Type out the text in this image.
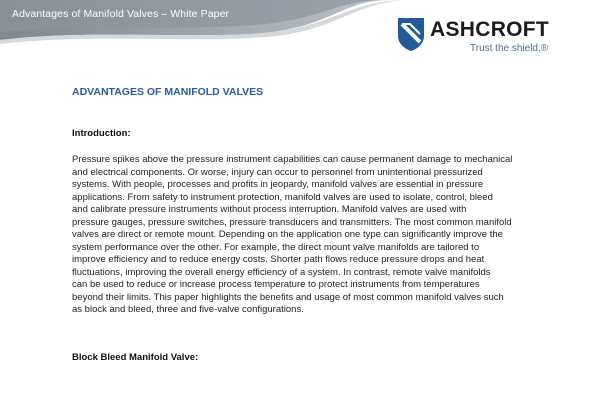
Advantages of Manifold Valves – White Paper
ASHCROFT
Trust the shield.®
ADVANTAGES OF MANIFOLD VALVES
Introduction:
Pressure spikes above the pressure instrument capabilities can cause permanent damage to mechanical
and electrical components. Or worse, injury can occur to personnel from unintentional pressurized
systems. With people, processes and profits in jeopardy, manifold valves are essential in pressure
applications. From safety to instrument protection, manifold valves are used to isolate, control, bleed
and calibrate pressure instruments without process interruption. Manifold valves are used with
pressure gauges, pressure switches, pressure transducers and transmitters. The most common manifold
valves are direct or remote mount. Depending on the application one type can significantly improve the
system performance over the other. For example, the direct mount valve manifolds are tailored to
improve efficiency and to reduce energy costs. Shorter path flows reduce pressure drops and heat
fluctuations, improving the overall energy efficiency of a system. In contrast, remote valve manifolds
can be used to reduce or increase process temperature to protect instruments from temperatures
beyond their limits. This paper highlights the benefits and usage of most common manifold valves such
as block and bleed, three and five-valve configurations.
Block Bleed Manifold Valve:
